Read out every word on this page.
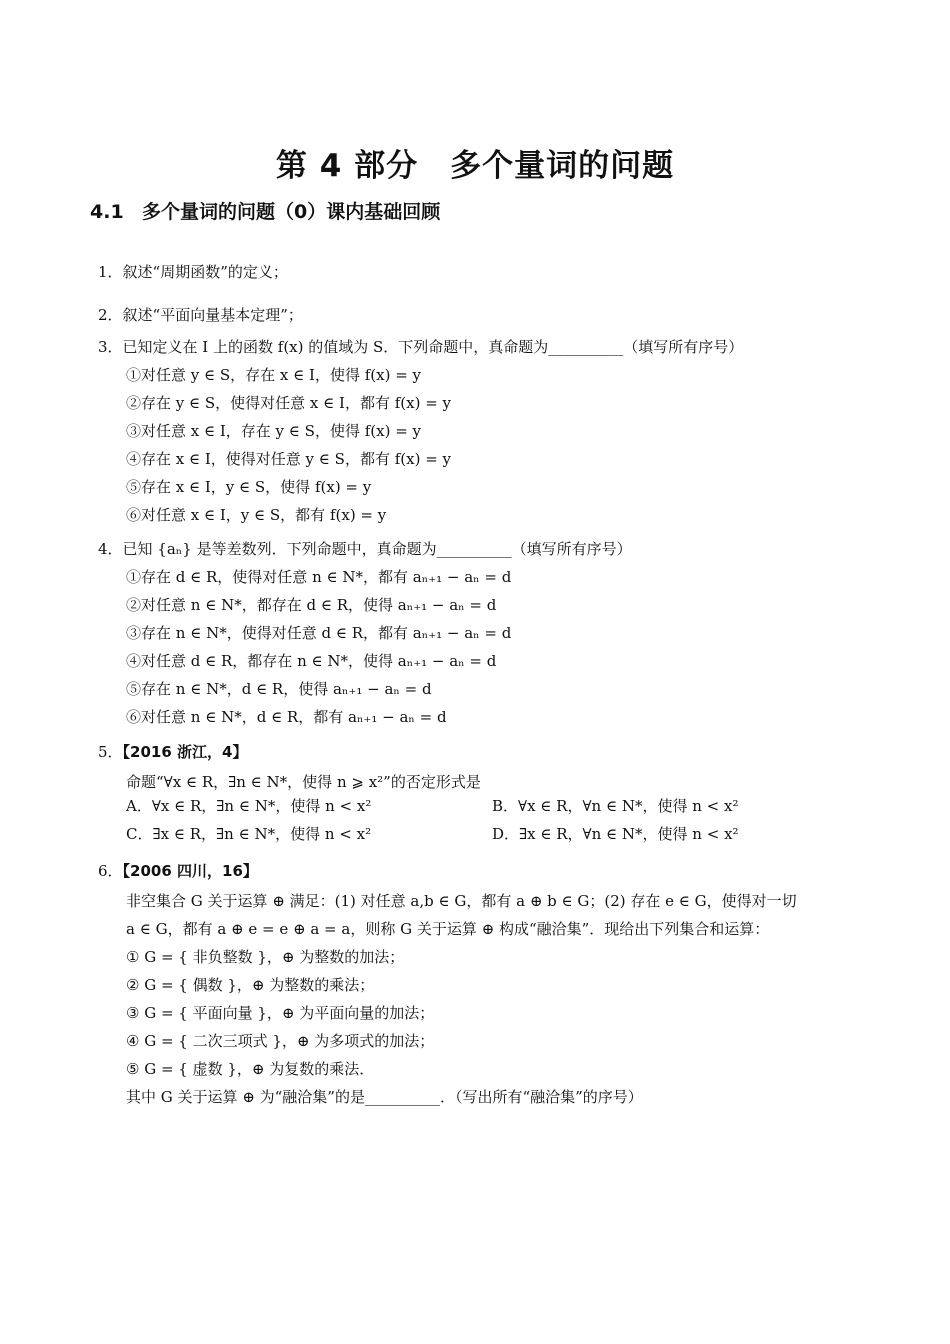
第 4 部分　多个量词的问题
4.1 多个量词的问题（0）课内基础回顾
1．叙述“周期函数”的定义；
2．叙述“平面向量基本定理”；
3．已知定义在 I 上的函数 f(x) 的值域为 S．下列命题中，真命题为__________（填写所有序号）
①对任意 y ∈ S，存在 x ∈ I，使得 f(x) = y
②存在 y ∈ S，使得对任意 x ∈ I，都有 f(x) = y
③对任意 x ∈ I，存在 y ∈ S，使得 f(x) = y
④存在 x ∈ I，使得对任意 y ∈ S，都有 f(x) = y
⑤存在 x ∈ I，y ∈ S，使得 f(x) = y
⑥对任意 x ∈ I，y ∈ S，都有 f(x) = y
4．已知 {aₙ} 是等差数列．下列命题中，真命题为__________（填写所有序号）
①存在 d ∈ R，使得对任意 n ∈ N*，都有 aₙ₊₁ − aₙ = d
②对任意 n ∈ N*，都存在 d ∈ R，使得 aₙ₊₁ − aₙ = d
③存在 n ∈ N*，使得对任意 d ∈ R，都有 aₙ₊₁ − aₙ = d
④对任意 d ∈ R，都存在 n ∈ N*，使得 aₙ₊₁ − aₙ = d
⑤存在 n ∈ N*，d ∈ R，使得 aₙ₊₁ − aₙ = d
⑥对任意 n ∈ N*，d ∈ R，都有 aₙ₊₁ − aₙ = d
5．【2016 浙江，4】
命题“∀x ∈ R，∃n ∈ N*，使得 n ⩾ x²”的否定形式是
A．∀x ∈ R，∃n ∈ N*，使得 n < x²	B．∀x ∈ R，∀n ∈ N*，使得 n < x²
C．∃x ∈ R，∃n ∈ N*，使得 n < x²	D．∃x ∈ R，∀n ∈ N*，使得 n < x²
6．【2006 四川，16】
非空集合 G 关于运算 ⊕ 满足：(1) 对任意 a,b ∈ G，都有 a ⊕ b ∈ G；(2) 存在 e ∈ G，使得对一切
a ∈ G，都有 a ⊕ e = e ⊕ a = a，则称 G 关于运算 ⊕ 构成“融洽集”．现给出下列集合和运算：
① G = { 非负整数 }，⊕ 为整数的加法；
② G = { 偶数 }，⊕ 为整数的乘法；
③ G = { 平面向量 }，⊕ 为平面向量的加法；
④ G = { 二次三项式 }，⊕ 为多项式的加法；
⑤ G = { 虚数 }，⊕ 为复数的乘法．
其中 G 关于运算 ⊕ 为“融洽集”的是__________．（写出所有“融洽集”的序号）
